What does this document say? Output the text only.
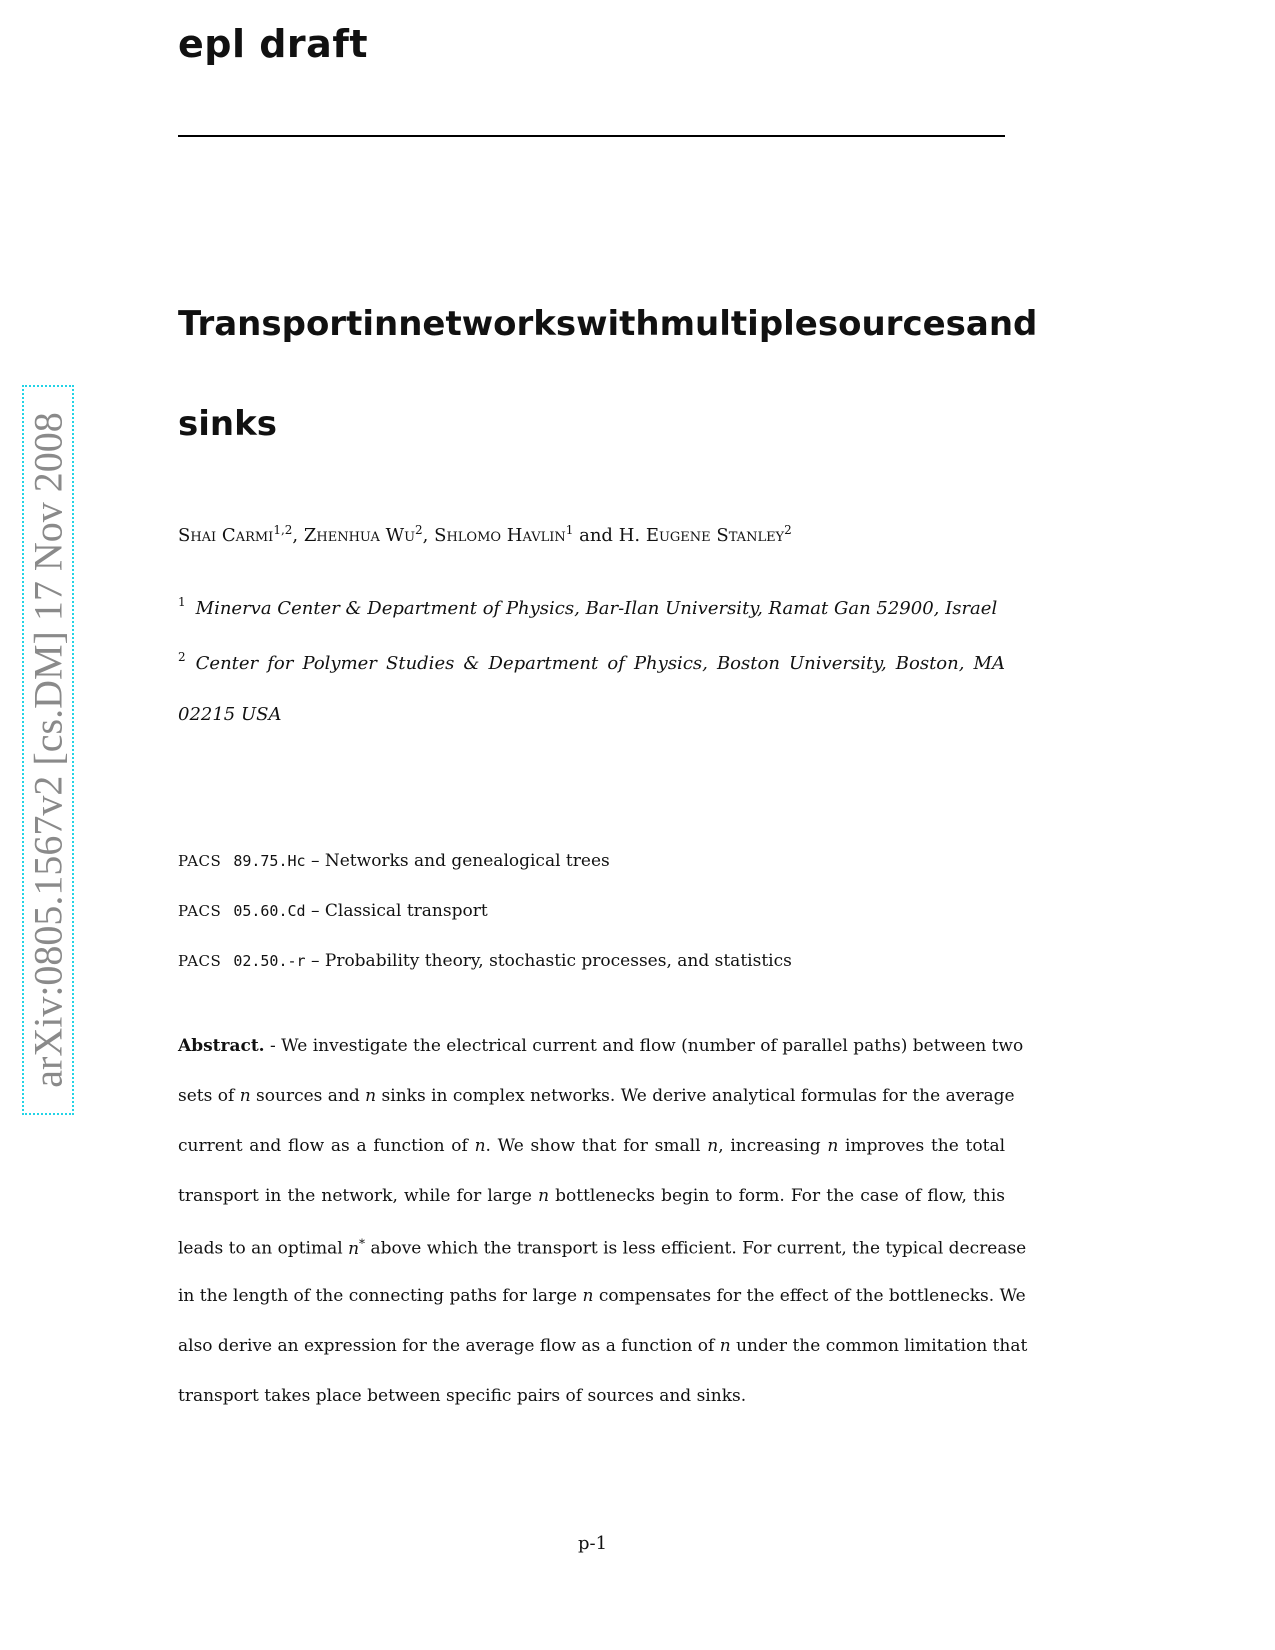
epl draft
Transport in networks with multiple sources and
sinks
Shai Carmi$^{1,2}$, Zhenhua Wu$^2$, Shlomo Havlin$^1$ and H. Eugene Stanley$^2$
$^1$ Minerva Center & Department of Physics, Bar-Ilan University, Ramat Gan 52900, Israel
$^2$ Center for Polymer Studies & Department of Physics, Boston University, Boston, MA
02215 USA
PACS 89.75.Hc – Networks and genealogical trees
PACS 05.60.Cd – Classical transport
PACS 02.50.-r – Probability theory, stochastic processes, and statistics
Abstract. - We investigate the electrical current and flow (number of parallel paths) between two
sets of n sources and n sinks in complex networks. We derive analytical formulas for the average
current and flow as a function of n. We show that for small n, increasing n improves the total
transport in the network, while for large n bottlenecks begin to form. For the case of flow, this
leads to an optimal n* above which the transport is less efficient. For current, the typical decrease
in the length of the connecting paths for large n compensates for the effect of the bottlenecks. We
also derive an expression for the average flow as a function of n under the common limitation that
transport takes place between specific pairs of sources and sinks.
p-1
arXiv:0805.1567v2 [cs.DM] 17 Nov 2008
